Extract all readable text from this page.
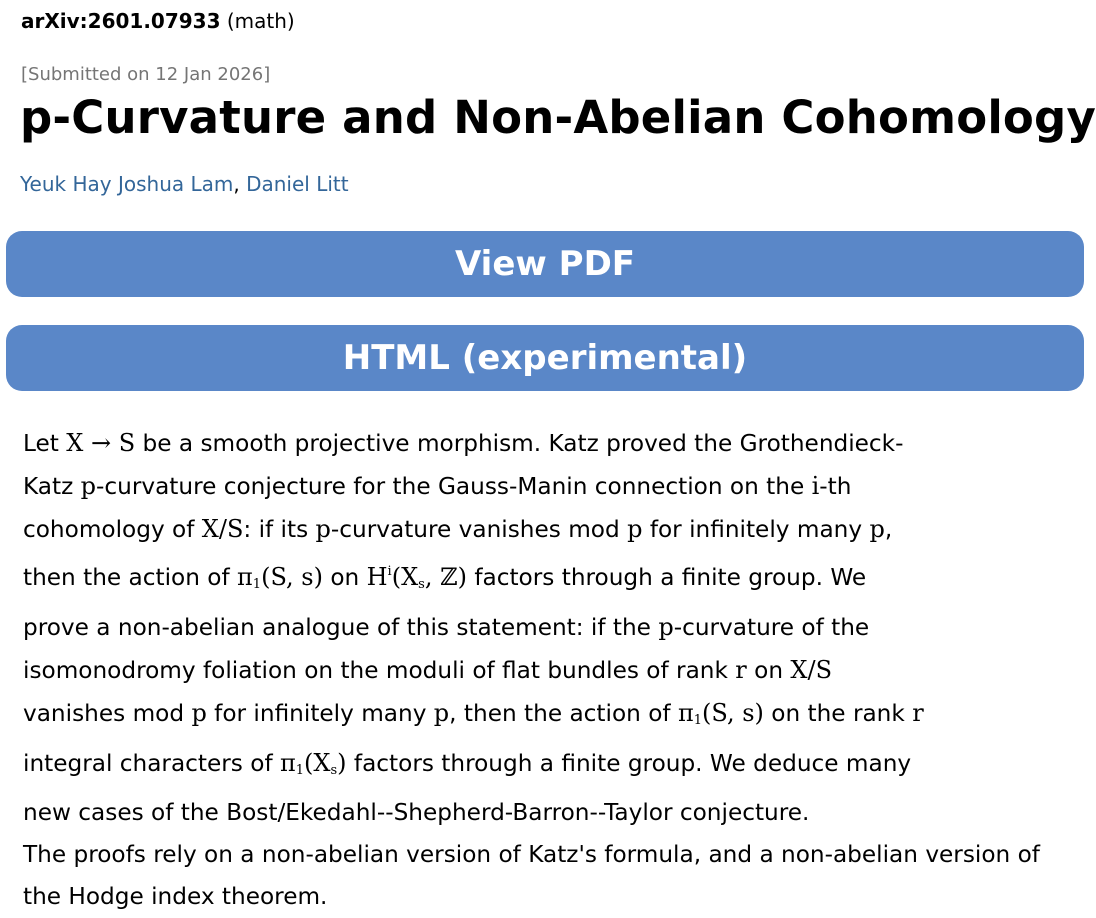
arXiv:2601.07933 (math)
[Submitted on 12 Jan 2026]
p-Curvature and Non-Abelian Cohomology
Yeuk Hay Joshua Lam, Daniel Litt
View PDF
HTML (experimental)

Let X → S be a smooth projective morphism. Katz proved the Grothendieck-

Katz p-curvature conjecture for the Gauss-Manin connection on the i-th

cohomology of X/S: if its p-curvature vanishes mod p for infinitely many p,

then the action of $\pi_1(S$, s) on $H^i(X_s$, ℤ) factors through a finite group. We

prove a non-abelian analogue of this statement: if the p-curvature of the

isomonodromy foliation on the moduli of flat bundles of rank r on X/S

vanishes mod p for infinitely many p, then the action of $\pi_1(S$, s) on the rank r

integral characters of $\pi_1(X_s)$ factors through a finite group. We deduce many

new cases of the Bost/Ekedahl--Shepherd-Barron--Taylor conjecture.

The proofs rely on a non-abelian version of Katz's formula, and a non-abelian version of the Hodge index theorem.
